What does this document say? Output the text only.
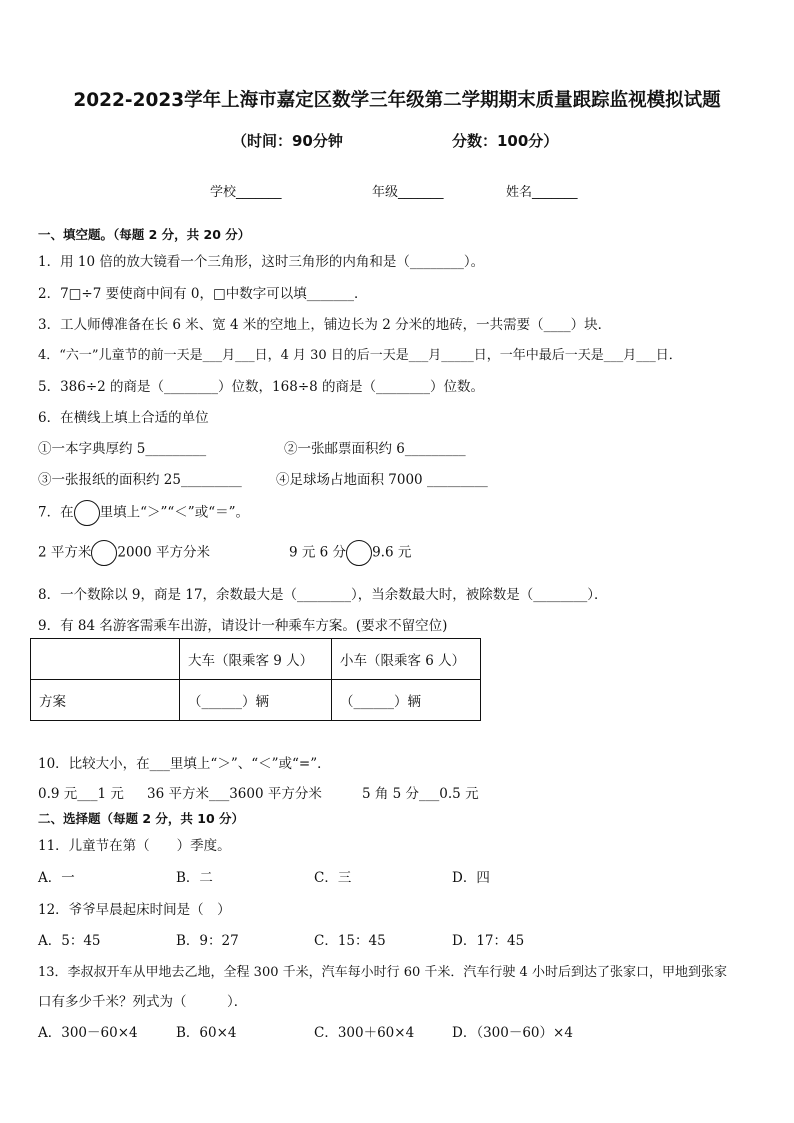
2022-2023学年上海市嘉定区数学三年级第二学期期末质量跟踪监视模拟试题
（时间：90分钟	分数：100分）
学校_______	年级_______	姓名_______
一、填空题。（每题 2 分，共 20 分）
1．用 10 倍的放大镜看一个三角形，这时三角形的内角和是（________）。
2．7□÷7 要使商中间有 0，□中数字可以填_______．
3．工人师傅准备在长 6 米、宽 4 米的空地上，铺边长为 2 分米的地砖，一共需要（____）块．
4．“六一”儿童节的前一天是___月___日，4 月 30 日的后一天是___月_____日，一年中最后一天是___月___日．
5．386÷2 的商是（________）位数，168÷8 的商是（________）位数。
6．在横线上填上合适的单位
①一本字典厚约 5_________	②一张邮票面积约 6_________
③一张报纸的面积约 25_________	④足球场占地面积 7000 _________
7．在 里填上“＞”“＜”或“＝”。
2 平方米 2000 平方分米	9 元 6 分 9.6 元
8．一个数除以 9，商是 17，余数最大是（________），当余数最大时，被除数是（________）．
9．有 84 名游客需乘车出游，请设计一种乘车方案。(要求不留空位)
	大车（限乘客 9 人）	小车（限乘客 6 人）
方案	（______）辆	（______）辆
10．比较大小，在___里填上“＞”、“＜”或“=”．
0.9 元___1 元 36 平方米___3600 平方分米	5 角 5 分___0.5 元
二、选择题（每题 2 分，共 10 分）
11．儿童节在第（　　）季度。
A．一	B．二	C．三	D．四
12．爷爷早晨起床时间是（　）
A．5：45	B．9：27	C．15：45	D．17：45
13．李叔叔开车从甲地去乙地，全程 300 千米，汽车每小时行 60 千米．汽车行驶 4 小时后到达了张家口，甲地到张家
口有多少千米？列式为（　　　）．
A．300－60×4	B．60×4	C．300＋60×4	D．（300－60）×4
